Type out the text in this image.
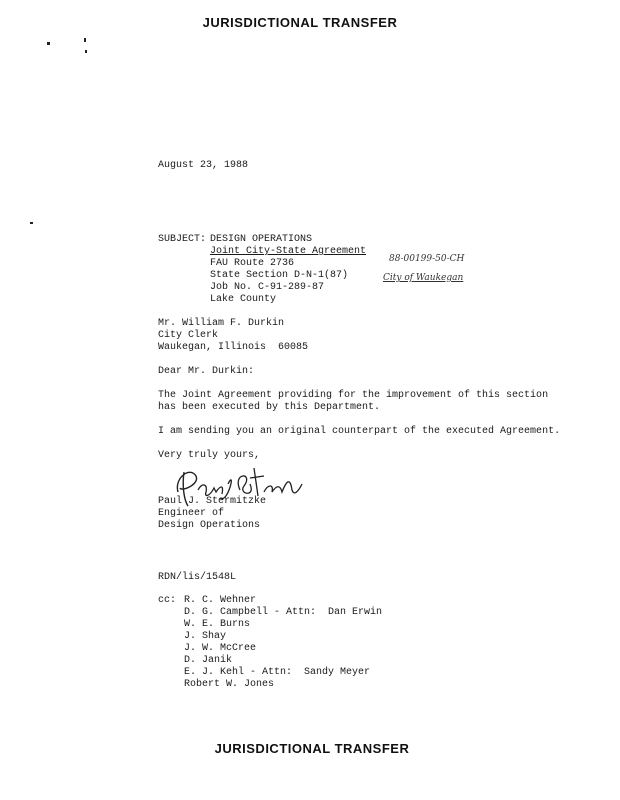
JURISDICTIONAL TRANSFER
August 23, 1988
SUBJECT: DESIGN OPERATIONS
Joint City-State Agreement
FAU Route 2736
State Section D-N-1(87)
Job No. C-91-289-87
Lake County
88-00199-50-CH
City of Waukegan
Mr. William F. Durkin
City Clerk
Waukegan, Illinois  60085
Dear Mr. Durkin:
The Joint Agreement providing for the improvement of this section
has been executed by this Department.
I am sending you an original counterpart of the executed Agreement.
Very truly yours,
Paul J. Stermitzke
Engineer of
Design Operations
RDN/lis/1548L
cc: R. C. Wehner
D. G. Campbell - Attn:  Dan Erwin
W. E. Burns
J. Shay
J. W. McCree
D. Janik
E. J. Kehl - Attn:  Sandy Meyer
Robert W. Jones
JURISDICTIONAL TRANSFER
